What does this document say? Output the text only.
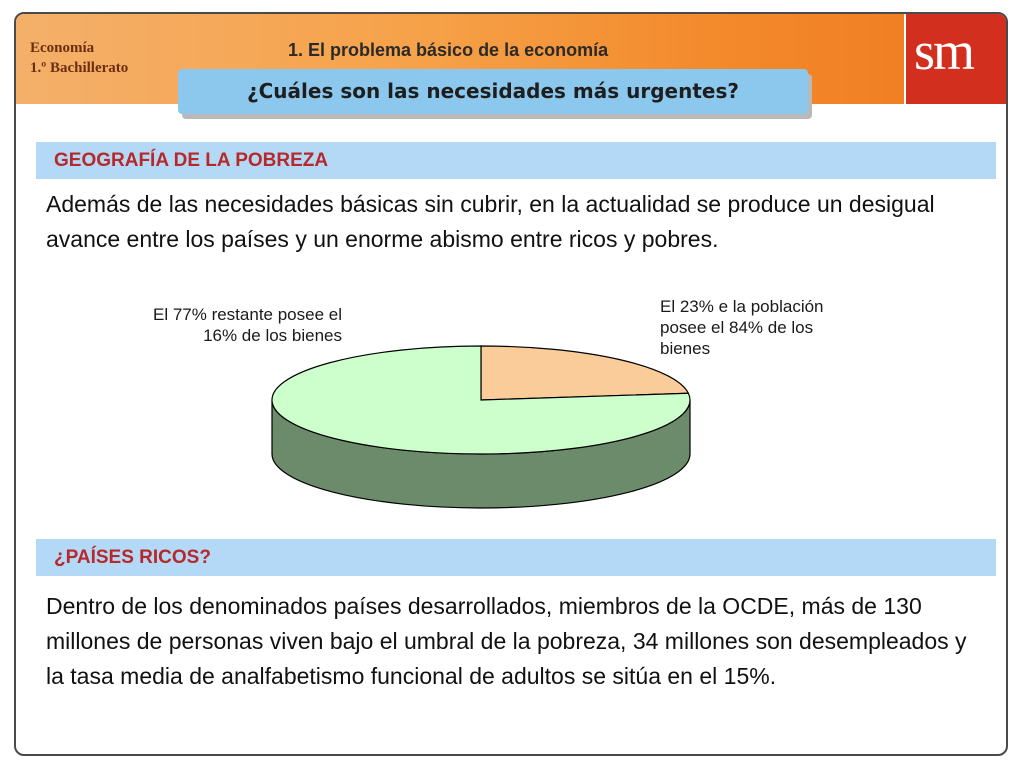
Economía
1.º Bachillerato
1. El problema básico de la economía	sm
¿Cuáles son las necesidades más urgentes?
GEOGRAFÍA DE LA POBREZA
Además de las necesidades básicas sin cubrir, en la actualidad se produce un desigual avance entre los países y un enorme abismo entre ricos y pobres.
El 77% restante posee el
16% de los bienes
El 23% e la población
posee el 84% de los
bienes
¿PAÍSES RICOS?
Dentro de los denominados países desarrollados, miembros de la OCDE, más de 130 millones de personas viven bajo el umbral de la pobreza, 34 millones son desempleados y la tasa media de analfabetismo funcional de adultos se sitúa en el 15%.
